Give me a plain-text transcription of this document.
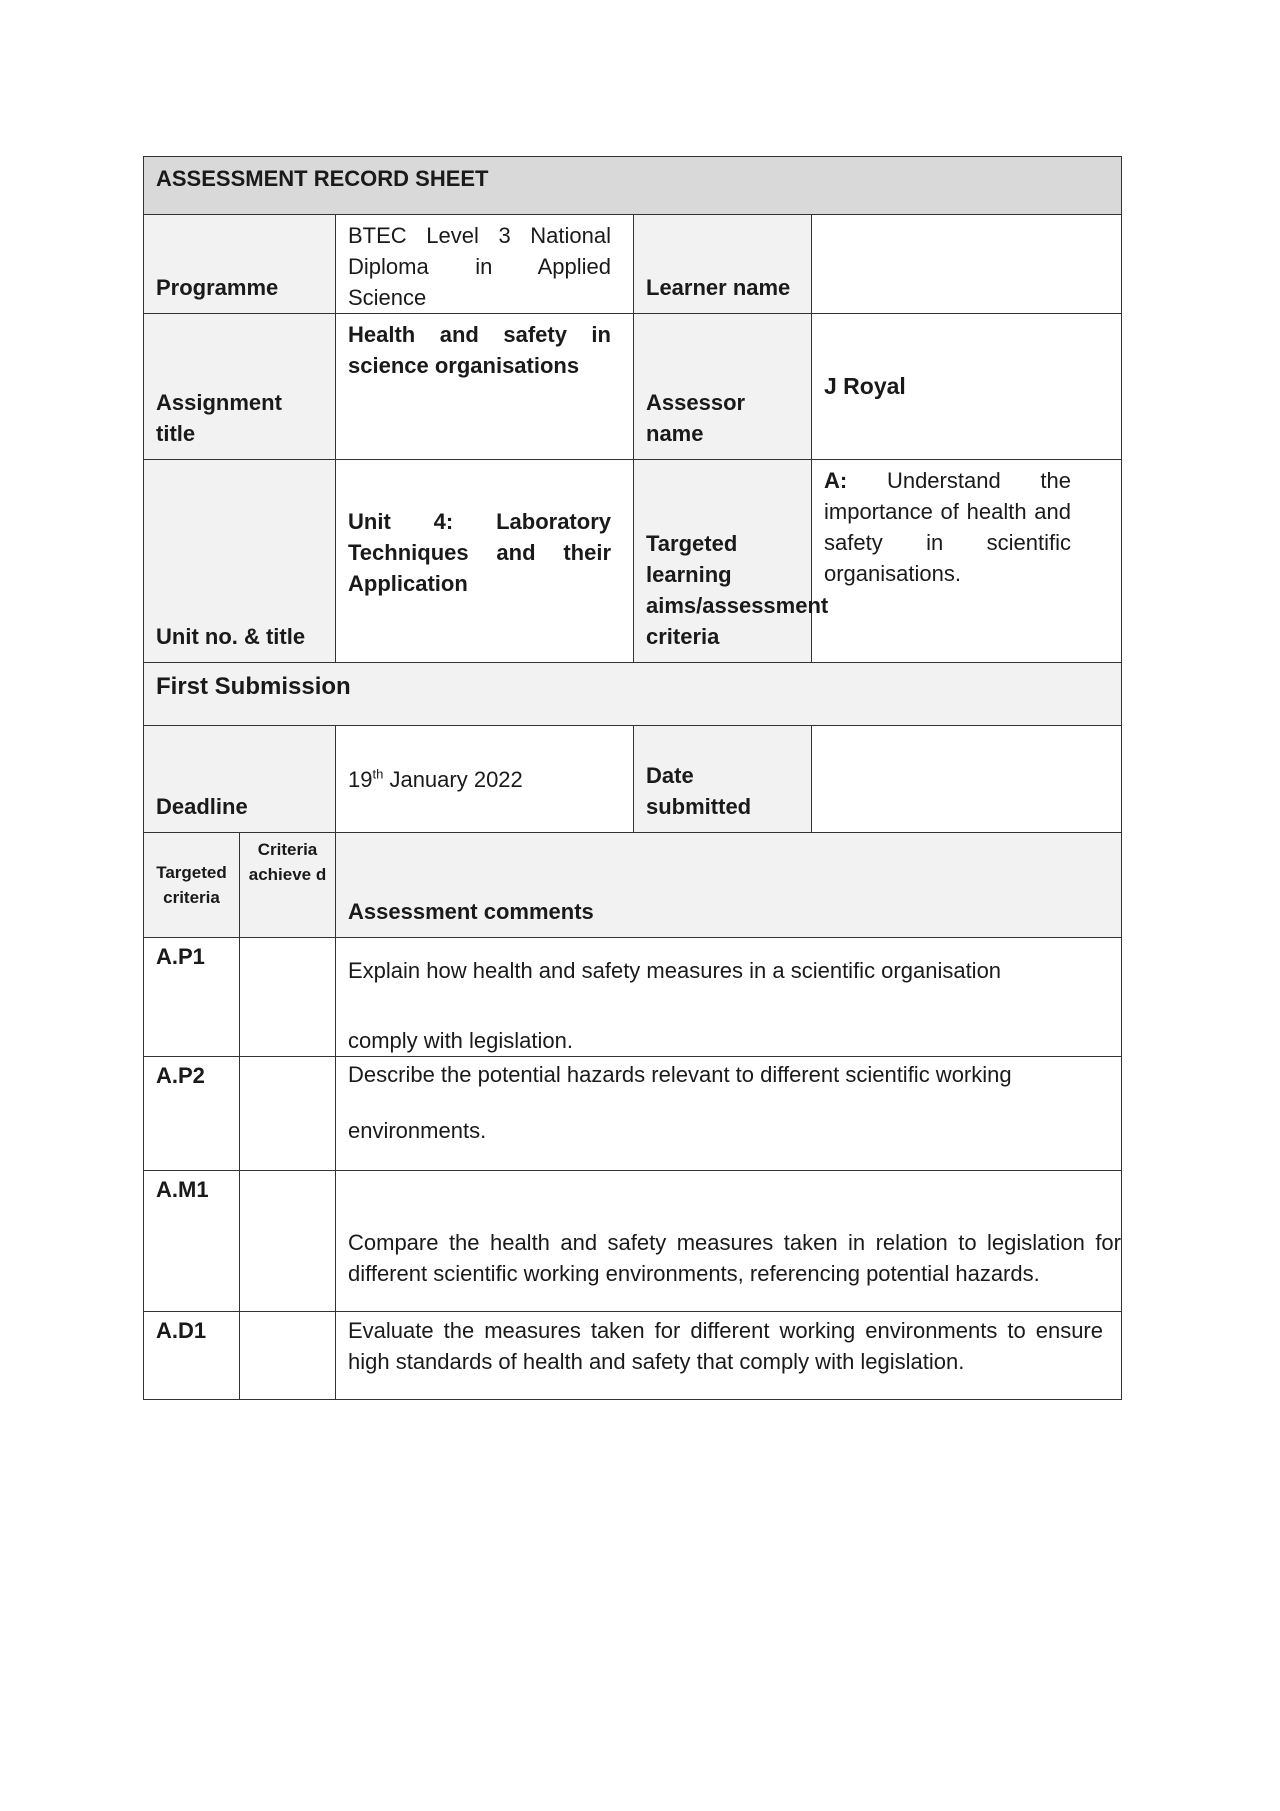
ASSESSMENT RECORD SHEET				

Programme		BTEC Level 3 National Diploma in Applied Science	Learner name	
Assignment title		Health and safety in science organisations	Assessor name	J Royal
Unit no. & title		Unit 4: Laboratory Techniques and their Application	Targeted learning aims/assessment criteria	A: Understand the importance of health and safety in scientific organisations.

First Submission				

Deadline		19th January 2022	Date submitted	
Targeted criteria	Criteria achieve d	Assessment comments		
A.P1		Explain how health and safety measures in a scientific organisation
comply with legislation.		

A.P2		Describe the potential hazards relevant to different scientific working
environments.		

A.M1		Compare the health and safety measures taken in relation to legislation for different scientific working environments, referencing potential hazards.		
A.D1		Evaluate the measures taken for different working environments to ensure high standards of health and safety that comply with legislation.		
